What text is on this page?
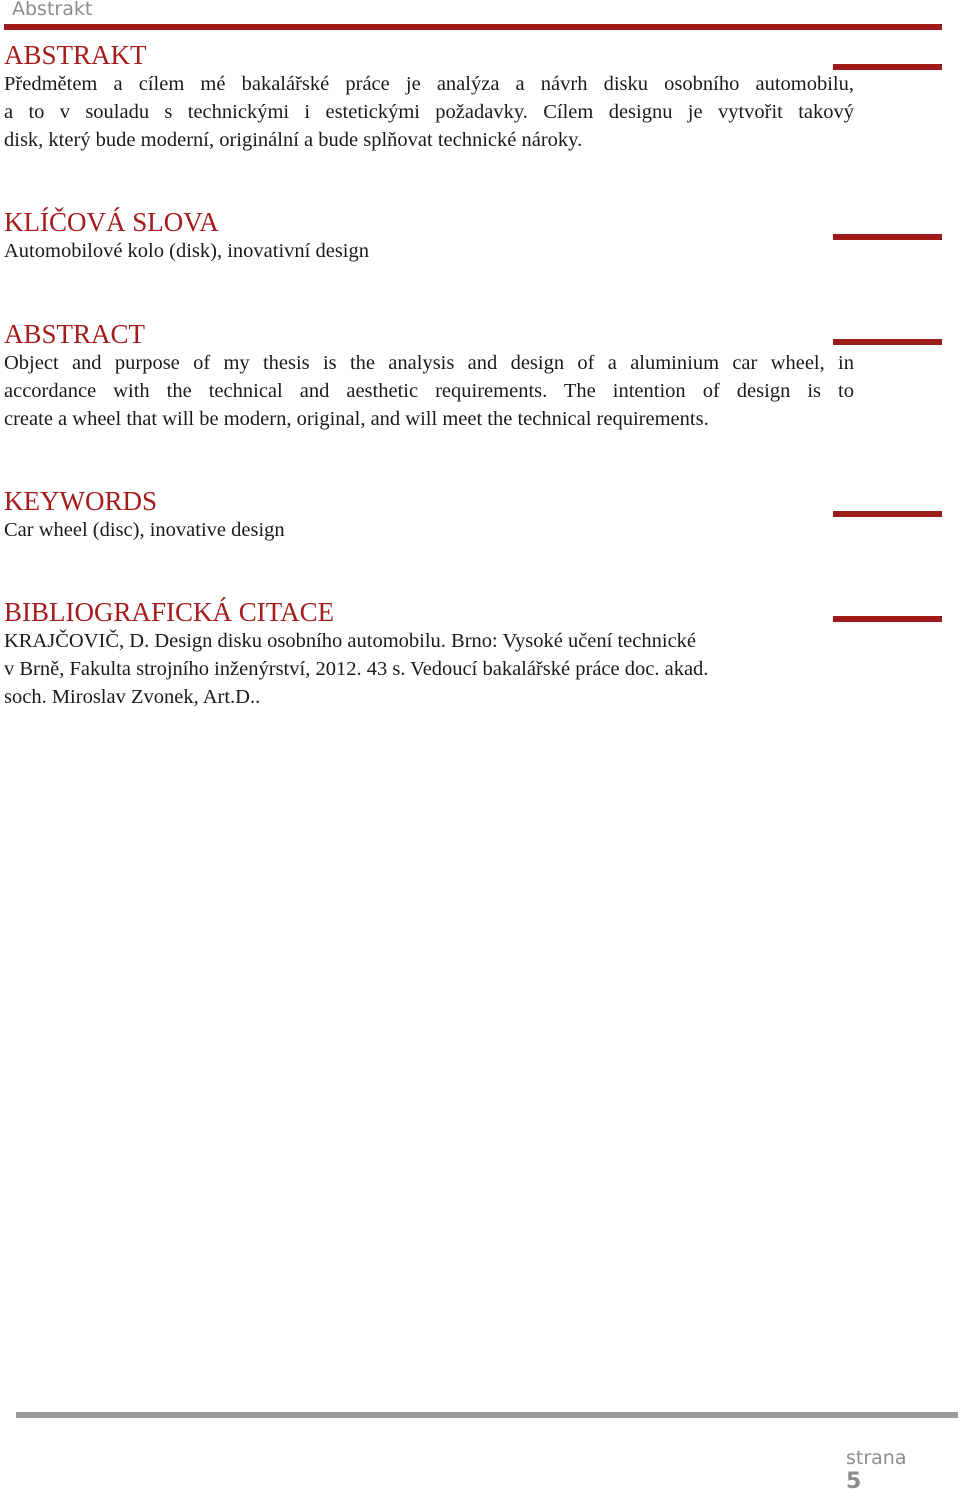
Abstrakt
ABSTRAKT

Předmětem a cílem mé bakalářské práce je analýza a návrh disku osobního automobilu,
a to v souladu s technickými i estetickými požadavky. Cílem designu je vytvořit takový
disk, který bude moderní, originální a bude splňovat technické nároky.

KLÍČOVÁ SLOVA

Automobilové kolo (disk), inovativní design

ABSTRACT

Object and purpose of my thesis is the analysis and design of a aluminium car wheel, in
accordance with the technical and aesthetic requirements. The intention of design is to
create a wheel that will be modern, original, and will meet the technical requirements.

KEYWORDS

Car wheel (disc), inovative design

BIBLIOGRAFICKÁ CITACE

KRAJČOVIČ, D. Design disku osobního automobilu. Brno: Vysoké učení technické
v Brně, Fakulta strojního inženýrství, 2012. 43 s. Vedoucí bakalářské práce doc. akad.
soch. Miroslav Zvonek, Art.D..

strana
5
